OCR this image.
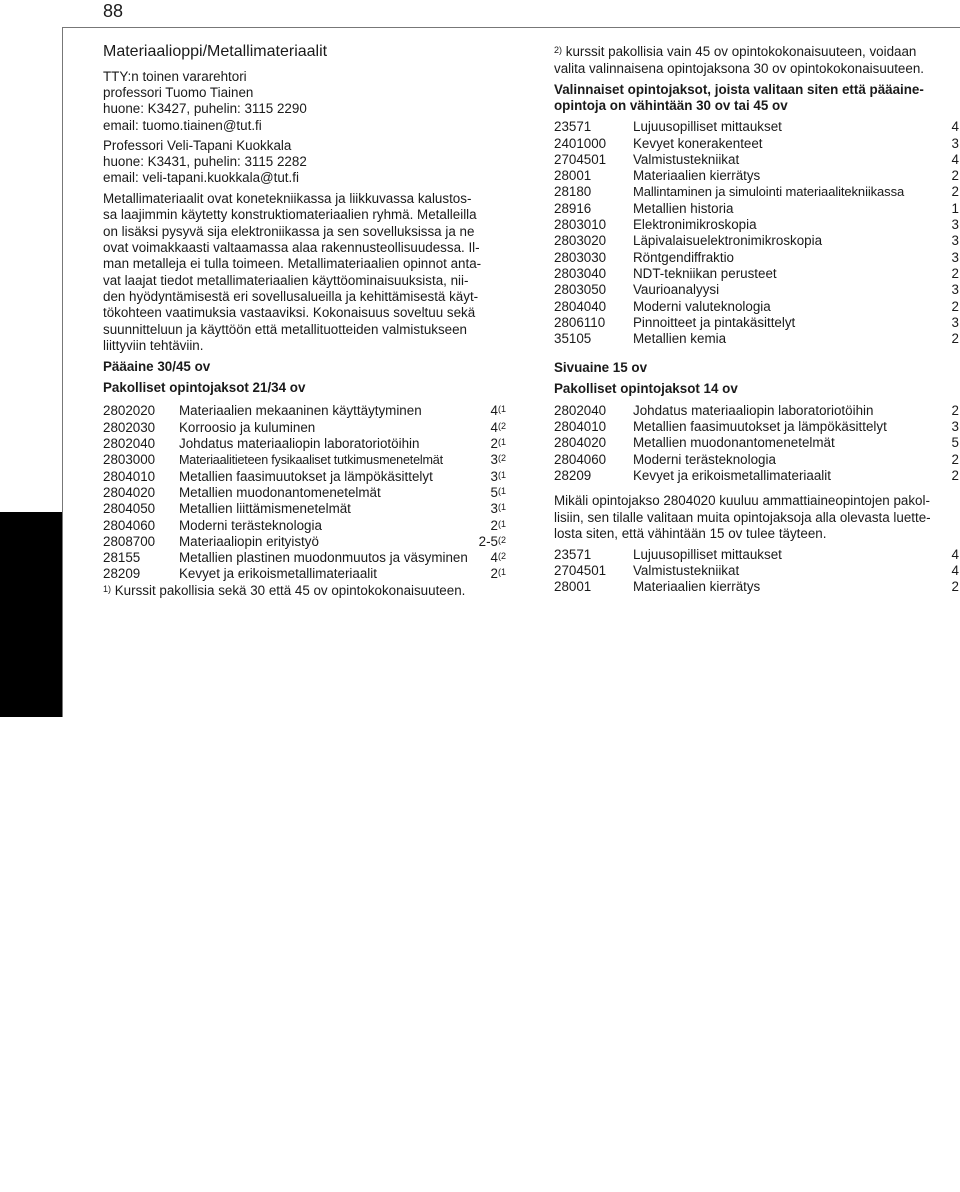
88
Materiaalitekniikka
Materiaalioppi/Metallimateriaalit
TTY:n toinen vararehtori
professori Tuomo Tiainen
huone: K3427, puhelin: 3115 2290
email: tuomo.tiainen@tut.fi
Professori Veli-Tapani Kuokkala
huone: K3431, puhelin: 3115 2282
email: veli-tapani.kuokkala@tut.fi
Metallimateriaalit ovat konetekniikassa ja liikkuvassa kalustos-
sa laajimmin käytetty konstruktiomateriaalien ryhmä. Metalleilla
on lisäksi pysyvä sija elektroniikassa ja sen sovelluksissa ja ne
ovat voimakkaasti valtaamassa alaa rakennusteollisuudessa. Il-
man metalleja ei tulla toimeen. Metallimateriaalien opinnot anta-
vat laajat tiedot metallimateriaalien käyttöominaisuuksista, nii-
den hyödyntämisestä eri sovellusalueilla ja kehittämisestä käyt-
tökohteen vaatimuksia vastaaviksi. Kokonaisuus soveltuu sekä
suunnitteluun ja käyttöön että metallituotteiden valmistukseen
liittyviin tehtäviin.
Pääaine 30/45 ov
Pakolliset opintojaksot 21/34 ov
2802020 Materiaalien mekaaninen käyttäytyminen	4$^{(1}$
2802030 Korroosio ja kuluminen	4$^{(2}$
2802040 Johdatus materiaaliopin laboratoriotöihin	2$^{(1}$
2803000 Materiaalitieteen fysikaaliset tutkimusmenetelmät	3$^{(2}$
2804010 Metallien faasimuutokset ja lämpökäsittelyt	3$^{(1}$
2804020 Metallien muodonantomenetelmät	5$^{(1}$
2804050 Metallien liittämismenetelmät	3$^{(1}$
2804060 Moderni terästeknologia	2$^{(1}$
2808700 Materiaaliopin erityistyö	2-5$^{(2}$
28155	Metallien plastinen muodonmuutos ja väsyminen 4$^{(2}$
28209	Kevyet ja erikoismetallimateriaalit	2$^{(1}$
$^{1)}$ Kurssit pakollisia sekä 30 että 45 ov opintokokonaisuuteen.
$^{2)}$ kurssit pakollisia vain 45 ov opintokokonaisuuteen, voidaan
valita valinnaisena opintojaksona 30 ov opintokokonaisuuteen.
Valinnaiset opintojaksot, joista valitaan siten että pääaine-
opintoja on vähintään 30 ov tai 45 ov
23571	Lujuusopilliset mittaukset	4
2401000 Kevyet konerakenteet	3
2704501 Valmistustekniikat	4
28001	Materiaalien kierrätys	2
28180	Mallintaminen ja simulointi materiaalitekniikassa	2
28916	Metallien historia	1
2803010 Elektronimikroskopia	3
2803020 Läpivalaisuelektronimikroskopia	3
2803030 Röntgendiffraktio	3
2803040 NDT-tekniikan perusteet	2
2803050 Vaurioanalyysi	3
2804040 Moderni valuteknologia	2
2806110 Pinnoitteet ja pintakäsittelyt	3
35105	Metallien kemia	2
Sivuaine 15 ov
Pakolliset opintojaksot 14 ov
2802040 Johdatus materiaaliopin laboratoriotöihin	2
2804010 Metallien faasimuutokset ja lämpökäsittelyt	3
2804020 Metallien muodonantomenetelmät	5
2804060 Moderni terästeknologia	2
28209	Kevyet ja erikoismetallimateriaalit	2
Mikäli opintojakso 2804020 kuuluu ammattiaineopintojen pakol-
lisiin, sen tilalle valitaan muita opintojaksoja alla olevasta luette-
losta siten, että vähintään 15 ov tulee täyteen.
23571	Lujuusopilliset mittaukset	4
2704501 Valmistustekniikat	4
28001	Materiaalien kierrätys	2
